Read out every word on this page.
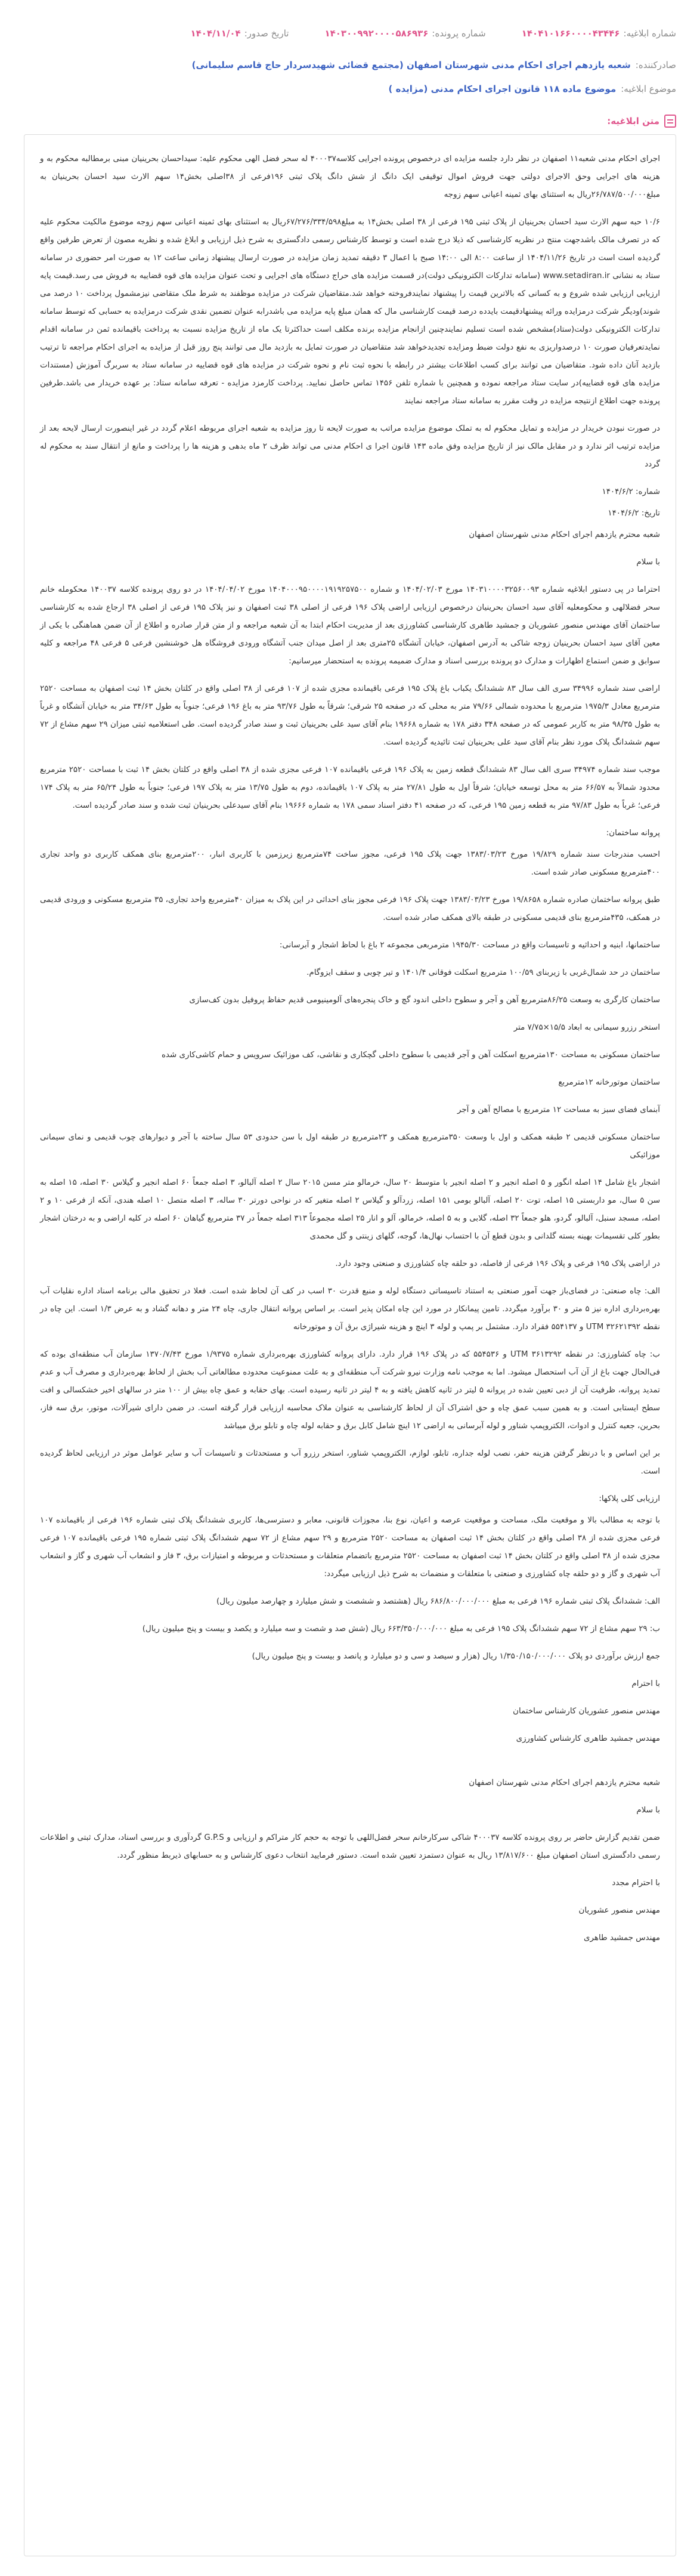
شماره ابلاغیه:
۱۴۰۴۱۰۱۶۶۰۰۰۰۴۳۴۴۶
شماره پرونده:
۱۴۰۳۰۰۹۹۲۰۰۰۰۵۸۶۹۳۶
تاریخ صدور:
۱۴۰۴/۱۱/۰۴
صادرکننده:
شعبه یازدهم اجرای احکام مدنی شهرستان اصفهان (مجتمع قضائی شهیدسردار حاج قاسم سلیمانی)
موضوع ابلاغیه:
موضوع ماده ۱۱۸ قانون اجرای احکام مدنی (مزایده )
متن ابلاغیه:

اجرای احکام مدنی شعبه۱۱ اصفهان در نظر دارد جلسه مزایده ای درخصوص پرونده اجرایی کلاسه۴۰۰۰۳۷ له سحر فضل الهی محکوم علیه: سیداحسان بحرینیان مبنی برمطالبه محکوم به و هزینه های اجرایی وحق الاجرای دولتی جهت فروش اموال توقیفی ایک دانگ از شش دانگ پلاک ثبتی ۱۹۶فرعی از ۳۸اصلی بخش۱۴ سهم الارث سید احسان بحرینیان به مبلغ۲۶/۷۸۷/۵۰۰/۰۰۰ریال به استثنای بهای ثمینه اعیانی سهم زوجه

۱۰/۶ حبه سهم الارث سید احسان بحرینیان از پلاک ثبتی ۱۹۵ فرعی از ۳۸ اصلی بخش۱۴ به مبلغ۶۷/۲۷۶/۳۳۴/۵۹۸ریال به استثنای بهای ثمینه اعیانی سهم زوجه موضوع مالکیت محکوم علیه که در تصرف مالک باشدجهت منتج در نظریه کارشناسی که ذیلا درج شده است و توسط کارشناس رسمی دادگستری به شرح ذیل ارزیابی و ابلاغ شده و نظریه مصون از تعرض طرفین واقع گردیده است است در تاریخ ۱۴۰۴/۱۱/۲۶ از ساعت ۸:۰۰ الی ۱۴:۰۰ صبح با اعمال ۳ دقیقه تمدید زمان مزایده در صورت ارسال پیشنهاد زمانی ساعت ۱۲ به صورت امر حضوری در سامانه ستاد به نشانی www.setadiran.ir (سامانه تدارکات الکترونیکی دولت)در قسمت مزایده های حراج دستگاه های اجرایی و تحت عنوان مزایده های قوه قضاییه به فروش می رسد.قیمت پایه ارزیابی ارزیابی شده شروع و به کسانی که بالاترین قیمت را پیشنهاد نمایندفروخته خواهد شد.متقاضیان شرکت در مزایده موظفند به شرط ملک متقاضی نیزمشمول پرداخت ۱۰ درصد می شوند)ودیگر شرکت درمزایده ورائه پیشنهادقیمت بایدده درصد قیمت کارشناسی مال که همان مبلغ پایه مزایده می باشدرابه عنوان تضمین نقدی شرکت درمزایده به حسابی که توسط سامانه تدارکات الکترونیکی دولت(ستاد)مشخص شده است تسلیم نمایندچنین ازانجام مزایده برنده مکلف است حداکثرتا یک ماه از تاریخ مزایده نسبت به پرداخت باقیمانده ثمن در سامانه اقدام نمایدتعرفیان صورت ۱۰ درصدواریزی به نفع دولت ضبط ومزایده تجدیدخواهد شد متقاضیان در صورت تمایل به بازدید مال می توانند پنج روز قبل از مزایده به اجرای احکام مراجعه تا ترتیب بازدید آنان داده شود. متقاضیان می توانند برای کسب اطلاعات بیشتر در رابطه با نحوه ثبت نام و نحوه شرکت در مزایده های قوه قضاییه در سامانه ستاد به سربرگ آموزش (مستندات مزایده های قوه قضاییه)در سایت ستاد مراجعه نموده و همچنین با شماره تلفن ۱۴۵۶ تماس حاصل نمایید. پرداخت کارمزد مزایده - تعرفه سامانه ستاد: بر عهده خریدار می باشد.طرفین پرونده جهت اطلاع ازنتیجه مزایده در وقت مقرر به سامانه ستاد مراجعه نمایند

در صورت نبودن خریدار در مزایده و تمایل محکوم له به تملک موضوع مزایده مراتب به صورت لایحه تا روز مزایده به شعبه اجرای مربوطه اعلام گردد در غیر اینصورت ارسال لایحه بعد از مزایده ترتیب اثر ندارد و در مقابل مالک نیز از تاریخ مزایده وفق ماده ۱۴۳ قانون اجرا ی احکام مدنی می تواند ظرف ۲ ماه بدهی و هزینه ها را پرداخت و مانع از انتقال سند به محکوم له گردد

شماره: ۱۴۰۴/۶/۲

تاریخ: ۱۴۰۴/۶/۲

شعبه محترم یازدهم اجرای احکام مدنی شهرستان اصفهان

با سلام

احتراما در پی دستور ابلاغیه شماره ۱۴۰۳۱۰۰۰۰۳۲۵۶۰۰۹۳ مورخ ۱۴۰۴/۰۲/۰۳ و شماره ۱۴۰۴۰۰۰۹۵۰۰۰۰۱۹۱۹۲۵۷۵۰۰ مورخ ۱۴۰۴/۰۴/۰۲ در دو روی پرونده کلاسه ۱۴۰۰۳۷ محکومله خانم سحر فضلالهی و محکومعلیه آقای سید احسان بحرینیان درخصوص ارزیابی اراضی پلاک ۱۹۶ فرعی از اصلی ۳۸ ثبت اصفهان و نیز پلاک ۱۹۵ فرعی از اصلی ۳۸ ارجاع شده به کارشناسی ساختمان آقای مهندس منصور عشوریان و جمشید طاهری کارشناسی کشاورزی بعد از مدیریت احکام ابتدا به آن شعبه مراجعه و از متن قرار صادره و اطلاع از آن ضمن هماهنگی با یکی از معین آقای سید احسان بحرینیان زوجه شاکی به آدرس اصفهان، خیابان آتشگاه ۲۵متری بعد از اصل میدان جنب آتشگاه ورودی فروشگاه هل خوشنشین فرعی ۵ فرعی ۴۸ مراجعه و کلیه سوابق و ضمن استماع اظهارات و مدارک دو پرونده بررسی اسناد و مدارک ضمیمه پرونده به استحضار میرسانیم:

اراضی سند شماره ۳۴۹۹۶ سری الف سال ۸۳ ششدانگ یکباب باغ پلاک ۱۹۵ فرعی باقیمانده مجزی شده از ۱۰۷ فرعی از ۳۸ اصلی واقع در کلتان بخش ۱۴ ثبت اصفهان به مساحت ۲۵۲۰ مترمربع معادل ۱۹۷۵/۳ مترمربع با محدوده شمالی ۷۹/۶۶ متر به محلی که در صفحه ۲۵ شرقی؛ شرقاً به طول ۹۳/۷۶ متر به باغ ۱۹۶ فرعی؛ جنوباً به طول ۳۴/۶۳ متر به خیابان آتشگاه و غرباً به طول ۹۸/۳۵ متر به کاربر عمومی که در صفحه ۳۴۸ دفتر ۱۷۸ به شماره ۱۹۶۶۸ بنام آقای سید علی بحرینیان ثبت و سند صادر گردیده است. طی استعلامیه ثبتی میزان ۲۹ سهم مشاع از ۷۲ سهم ششدانگ پلاک مورد نظر بنام آقای سید علی بحرینیان ثبت تائیدیه گردیده است.

موجب سند شماره ۳۴۹۷۴ سری الف سال ۸۳ ششدانگ قطعه زمین به پلاک ۱۹۶ فرعی باقیمانده ۱۰۷ فرعی مجزی شده از ۳۸ اصلی واقع در کلتان بخش ۱۴ ثبت با مساحت ۲۵۲۰ مترمربع محدود شمالاً به ۶۶/۵۷ متر به محل توسعه خیابان؛ شرقاً اول به طول ۲۷/۸۱ متر به پلاک ۱۰۷ باقیمانده، دوم به طول ۱۳/۷۵ متر به پلاک ۱۹۷ فرعی؛ جنوباً به طول ۶۵/۲۴ متر به پلاک ۱۷۴ فرعی؛ غرباً به طول ۹۷/۸۳ متر به قطعه زمین ۱۹۵ فرعی، که در صفحه ۴۱ دفتر اسناد سمی ۱۷۸ به شماره ۱۹۶۶۶ بنام آقای سیدعلی بحرینیان ثبت شده و سند صادر گردیده است.

پروانه ساختمان:

احسب مندرجات سند شماره ۱۹/۸۲۹ مورخ ۱۳۸۳/۰۳/۲۳ جهت پلاک ۱۹۵ فرعی، مجوز ساخت ۷۴مترمربع زیرزمین با کاربری انبار، ۲۰۰مترمربع بنای همکف کاربری دو واحد تجاری ۴۰۰مترمربع مسکونی صادر شده است.

طبق پروانه ساختمان صادره شماره ۱۹/۸۶۵۸ مورخ ۱۳۸۳/۰۳/۲۳ جهت پلاک ۱۹۶ فرعی مجوز بنای احداثی در این پلاک به میزان ۴۰مترمربع واحد تجاری، ۳۵ مترمربع مسکونی و ورودی قدیمی در همکف، ۴۳۵مترمربع بنای قدیمی مسکونی در طبقه بالای همکف صادر شده است.

ساختمانها، ابنیه و احداثیه و تاسیسات واقع در مساحت ۱۹۴۵/۳۰ مترمربعی مجموعه ۲ باغ با لحاظ اشجار و آبرسانی:

ساختمان در حد شمال‌غربی با زیربنای ۱۰۰/۵۹ مترمربع اسکلت فوقانی ۱۴۰۱/۴ و تیر چوبی و سقف ایزوگام.

ساختمان کارگری به وسعت ۸۶/۲۵مترمربع آهن و آجر و سطوح داخلی اندود گچ و خاک پنجره‌های آلومینیومی قدیم حفاظ پروفیل بدون کف‌سازی

استخر رزرو سیمانی به ابعاد ۱۵/۵×۷/۷۵ متر

ساختمان مسکونی به مساحت ۱۳۰مترمربع اسکلت آهن و آجر قدیمی با سطوح داخلی گچکاری و نقاشی، کف موزائیک سرویس و حمام کاشی‌کاری شده

ساختمان موتورخانه ۱۲مترمربع

آبنمای فضای سبز به مساحت ۱۲ مترمربع با مصالح آهن و آجر

ساختمان مسکونی قدیمی ۲ طبقه همکف و اول با وسعت ۳۵۰مترمربع همکف و ۲۳مترمربع در طبقه اول با سن حدودی ۵۳ سال ساخته با آجر و دیوارهای چوب قدیمی و نمای سیمانی موزائیکی

اشجار باغ شامل ۱۴ اصله انگور و ۵ اصله انجیر و ۲ اصله انجیر با متوسط ۲۰ سال، خرمالو متر مسن ۲۰۱۵ سال ۲ اصله آلبالو، ۳ اصله جمعاً ۶۰ اصله انجیر و گیلاس ۳۰ اصله، ۱۵ اصله به سن ۵ سال، مو دار‌بستی ۱۵ اصله، توت ۲۰ اصله، آلبالو بومی ۱۵۱ اصله، زردآلو و گیلاس ۲ اصله متغیر که در نواحی دورتر ۳۰ ساله، ۳ اصله متصل ۱۰ اصله هندی، آنکه از فرعی ۱۰ و ۲ اصله، مسجد سنبل، آلبالو، گردو، هلو جمعاً ۳۲ اصله، گلابی و به ۵ اصله، خرمالو، آلو و انار ۲۵ اصله مجموعاً ۳۱۳ اصله جمعاً در ۳۷ مترمربع گیاهان ۶۰ اصله در کلیه اراضی و به درختان اشجار بطور کلی تقسیمات بهینه بسته گلدانی و بدون قطع آن با احتساب نهال‌ها، گوجه، گلهای زینتی و گل محمدی

در اراضی پلاک ۱۹۵ فرعی و پلاک ۱۹۶ فرعی از فاصله، دو حلقه چاه کشاورزی و صنعتی وجود دارد.

الف: چاه صنعتی: در فضای‌باز جهت آمور صنعتی به استناد تاسیساتی دستگاه لوله و منبع قدرت ۳۰ اسب در کف آن لحاظ شده است. فعلا در تحقیق مالی برنامه اسناد اداره نقلیات آب بهره‌برداری اداره نیز ۵ متر و ۳۰ برآورد میگردد. تامین پیمانکار در مورد این چاه امکان پذیر است. بر اساس پروانه انتقال جاری، چاه ۲۴ متر و دهانه گشاد و به عرض ۱/۳ است. این چاه در نقطه ۳۲۶۲۱۳۹۲ UTM و ۵۵۴۱۳۷ فقراد دارد. مشتمل بر پمپ و لوله ۳ اینچ و هزینه شیراژی برق آن و موتورخانه

ب: چاه کشاورزی: در نقطه ۳۶۱۳۲۹۲ UTM و ۵۵۴۵۳۶ که در پلاک ۱۹۶ قرار دارد. دارای پروانه کشاورزی بهره‌برداری شماره ۱/۹۳۷۵ مورخ ۱۳۷۰/۷/۴۳ سازمان آب منطقه‌ای بوده که فی‌الحال جهت باغ از آن آب استحصال میشود. اما به موجب نامه وزارت نیرو شرکت آب منطقه‌ای و به علت ممنوعیت محدوده مطالعاتی آب بخش از لحاظ بهره‌برداری و مصرف آب و عدم تمدید پروانه، ظرفیت آن از دبی تعیین شده در پروانه ۵ لیتر در ثانیه کاهش یافته و به ۴ لیتر در ثانیه رسیده است. بهای حقابه و عمق چاه بیش از ۱۰۰ متر در سالهای اخیر خشکسالی و افت سطح ایستابی است. و به همین سبب عمق چاه و حق اشتراک آن از لحاظ کارشناسی به عنوان ملاک محاسبه ارزیابی قرار گرفته است. در ضمن دارای شیرآلات، موتور، برق سه فاز، بحرین، جعبه کنترل و ادوات، الکتروپمپ شناور و لوله آبرسانی به اراضی ۱۲ اینچ شامل کابل برق و حقابه لوله چاه و تابلو برق میباشد

بر این اساس و با درنظر گرفتن هزینه حفر، نصب لوله جداره، تابلو، لوازم، الکتروپمپ شناور، استخر رزرو آب و مستحدثات و تاسیسات آب و سایر عوامل موثر در ارزیابی لحاظ گردیده است.

ارزیابی کلی پلاکها:

با توجه به مطالب بالا و موقعیت ملک، مساحت و موقعیت عرصه و اعیان، نوع بنا، مجوزات قانونی، معابر و دسترسی‌ها، کاربری ششدانگ پلاک ثبتی شماره ۱۹۶ فرعی از باقیمانده ۱۰۷ فرعی مجزی شده از ۳۸ اصلی واقع در کلتان بخش ۱۴ ثبت اصفهان به مساحت ۲۵۲۰ مترمربع و ۲۹ سهم مشاع از ۷۲ سهم ششدانگ پلاک ثبتی شماره ۱۹۵ فرعی باقیمانده ۱۰۷ فرعی مجزی شده از ۳۸ اصلی واقع در کلتان بخش ۱۴ ثبت اصفهان به مساحت ۲۵۲۰ مترمربع باتضمام متعلقات و مستحدثات و مربوطه و امتیازات برق، ۳ فاز و انشعاب آب شهری و گاز و انشعاب آب شهری و گاز و دو حلقه چاه کشاورزی و صنعتی با متعلقات و منضمات به شرح ذیل ارزیابی میگردد:

الف: ششدانگ پلاک ثبتی شماره ۱۹۶ فرعی به مبلغ ۶۸۶/۸۰۰/۰۰۰/۰۰۰ ریال (هشتصد و ششصت و شش میلیارد و چهارصد میلیون ریال)

ب: ۲۹ سهم مشاع از ۷۲ سهم ششدانگ پلاک ۱۹۵ فرعی به مبلغ ۶۶۳/۳۵۰/۰۰۰/۰۰۰ ریال (شش صد و شصت و سه میلیارد و یکصد و بیست و پنج میلیون ریال)

جمع ارزش برآوردی دو پلاک ۱/۳۵۰/۱۵۰/۰۰۰/۰۰۰ ریال (هزار و سیصد و سی و دو میلیارد و پانصد و بیست و پنج میلیون ریال)

با احترام

مهندس منصور عشوریان کارشناس ساختمان

مهندس جمشید طاهری کارشناس کشاورزی

شعبه محترم یازدهم اجرای احکام مدنی شهرستان اصفهان

با سلام

ضمن تقدیم گزارش حاضر بر روی پرونده کلاسه ۴۰۰۰۳۷ شاکی سرکارخانم سحر فضل‌اللهی با توجه به حجم کار متراکم و ارزیابی و G.P.S گردآوری و بررسی اسناد، مدارک ثبتی و اطلاعات رسمی دادگستری استان اصفهان مبلغ ۱۳/۸۱۷/۶۰۰ ریال به عنوان دستمزد تعیین شده است. دستور فرمایید انتخاب دعوی کارشناس و به حسابهای ذیربط منظور گردد.

با احترام مجدد

مهندس منصور عشوریان

مهندس جمشید طاهری
